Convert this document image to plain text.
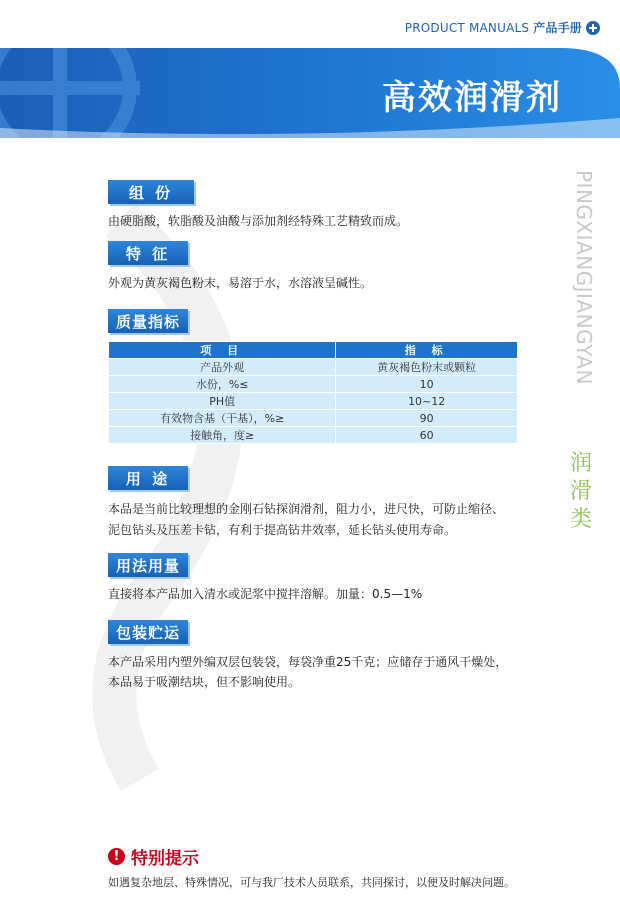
PRODUCT MANUALS 产品手册
高效润滑剂
PINGXIANGJIANGYAN
润滑类
组 份
由硬脂酸，软脂酸及油酸与添加剂经特殊工艺精致而成。
特 征
外观为黄灰褐色粉末，易溶于水，水溶液呈碱性。
质量指标
项 目	指 标
产品外观	黄灰褐色粉末或颗粒
水份，%≤	10
PH值	10~12
有效物含基（干基），%≥	90
接触角，度≥	60
用 途
本品是当前比较理想的金刚石钻探润滑剂，阻力小，进尺快，可防止缩径、
泥包钻头及压差卡钻，有利于提高钻井效率，延长钻头使用寿命。
用法用量
直接将本产品加入清水或泥浆中搅拌溶解。加量：0.5—1%
包装贮运
本产品采用内塑外编双层包装袋，每袋净重25千克；应储存于通风干燥处，
本品易于吸潮结块，但不影响使用。
! 特别提示
如遇复杂地层、特殊情况，可与我厂技术人员联系，共同探讨，以便及时解决问题。
